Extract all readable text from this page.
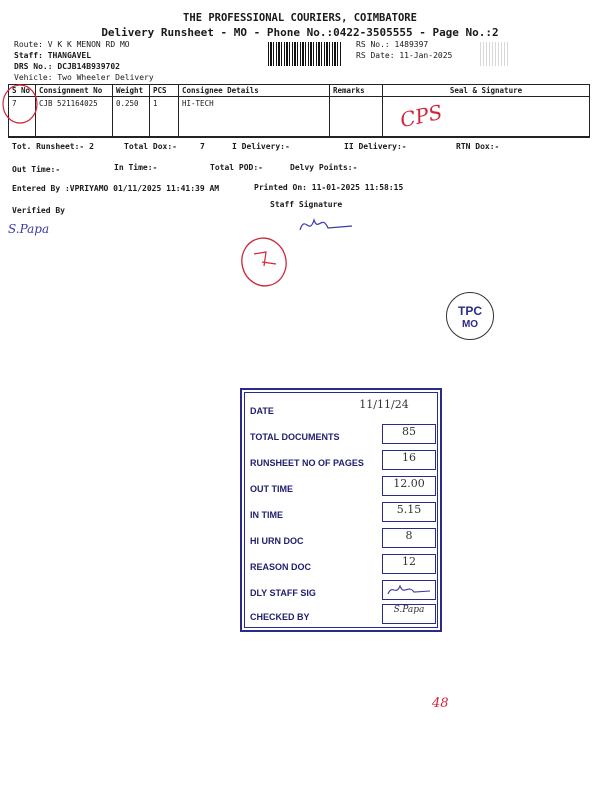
THE PROFESSIONAL COURIERS, COIMBATORE
Delivery Runsheet - MO - Phone No.:0422-3505555 - Page No.:2
Route: V K K MENON RD MO
Staff: THANGAVEL
DRS No.: DCJB14B939702
Vehicle: Two Wheeler Delivery
RS No.: 1489397
RS Date: 11-Jan-2025
S No	Consignment No	Weight	PCS	Consignee Details	Remarks	Seal & Signature
7	CJB 521164025	0.250	1	HI-TECH		
Tot. Runsheet:- 2	Total Dox:-	7	I Delivery:-	II Delivery:-	RTN Dox:-
Out Time:-	In Time:-	Total POD:-	Delvy Points:-
Entered By :VPRIYAMO 01/11/2025 11:41:39 AM	Printed On: 11-01-2025 11:58:15
Verified By
Staff Signature
S.Papa
CPS
48
TPC
MO
DATE	11/11/24
TOTAL DOCUMENTS	85
RUNSHEET NO OF PAGES	16
OUT TIME	12.00
IN TIME	5.15
HI URN DOC	8
REASON DOC	12
DLY STAFF SIG
CHECKED BY
S.Papa
